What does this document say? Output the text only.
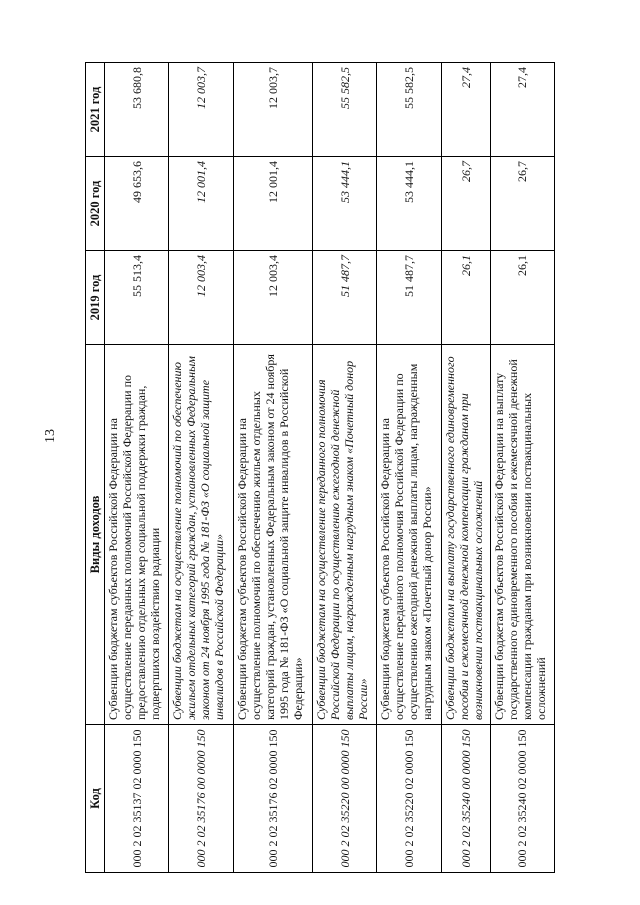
13
Код	Виды доходов	2019 год	2020 год	2021 год
000 2 02 35137 02 0000 150	Субвенции бюджетам субъектов Российской Федерации на осуществление переданных полномочий Российской Федерации по предоставлению отдельных мер социальной поддержки граждан, подвергшихся воздействию радиации	55 513,4	49 653,6	53 680,8
000 2 02 35176 00 0000 150	Субвенции бюджетам на осуществление полномочий по обеспечению жильем отдельных категорий граждан, установленных Федеральным законом от 24 ноября 1995 года № 181-ФЗ «О социальной защите инвалидов в Российской Федерации»	12 003,4	12 001,4	12 003,7
000 2 02 35176 02 0000 150	Субвенции бюджетам субъектов Российской Федерации на осуществление полномочий по обеспечению жильем отдельных категорий граждан, установленных Федеральным законом от 24 ноября 1995 года № 181-ФЗ «О социальной защите инвалидов в Российской Федерации»	12 003,4	12 001,4	12 003,7
000 2 02 35220 00 0000 150	Субвенции бюджетам на осуществление переданного полномочия Российской Федерации по осуществлению ежегодной денежной выплаты лицам, награжденным нагрудным знаком «Почетный донор России»	51 487,7	53 444,1	55 582,5
000 2 02 35220 02 0000 150	Субвенции бюджетам субъектов Российской Федерации на осуществление переданного полномочия Российской Федерации по осуществлению ежегодной денежной выплаты лицам, награжденным нагрудным знаком «Почетный донор России»	51 487,7	53 444,1	55 582,5
000 2 02 35240 00 0000 150	Субвенции бюджетам на выплату государственного единовременного пособия и ежемесячной денежной компенсации гражданам при возникновении поствакцинальных осложнений	26,1	26,7	27,4
000 2 02 35240 02 0000 150	Субвенции бюджетам субъектов Российской Федерации на выплату государственного единовременного пособия и ежемесячной денежной компенсации гражданам при возникновении поствакцинальных осложнений	26,1	26,7	27,4
